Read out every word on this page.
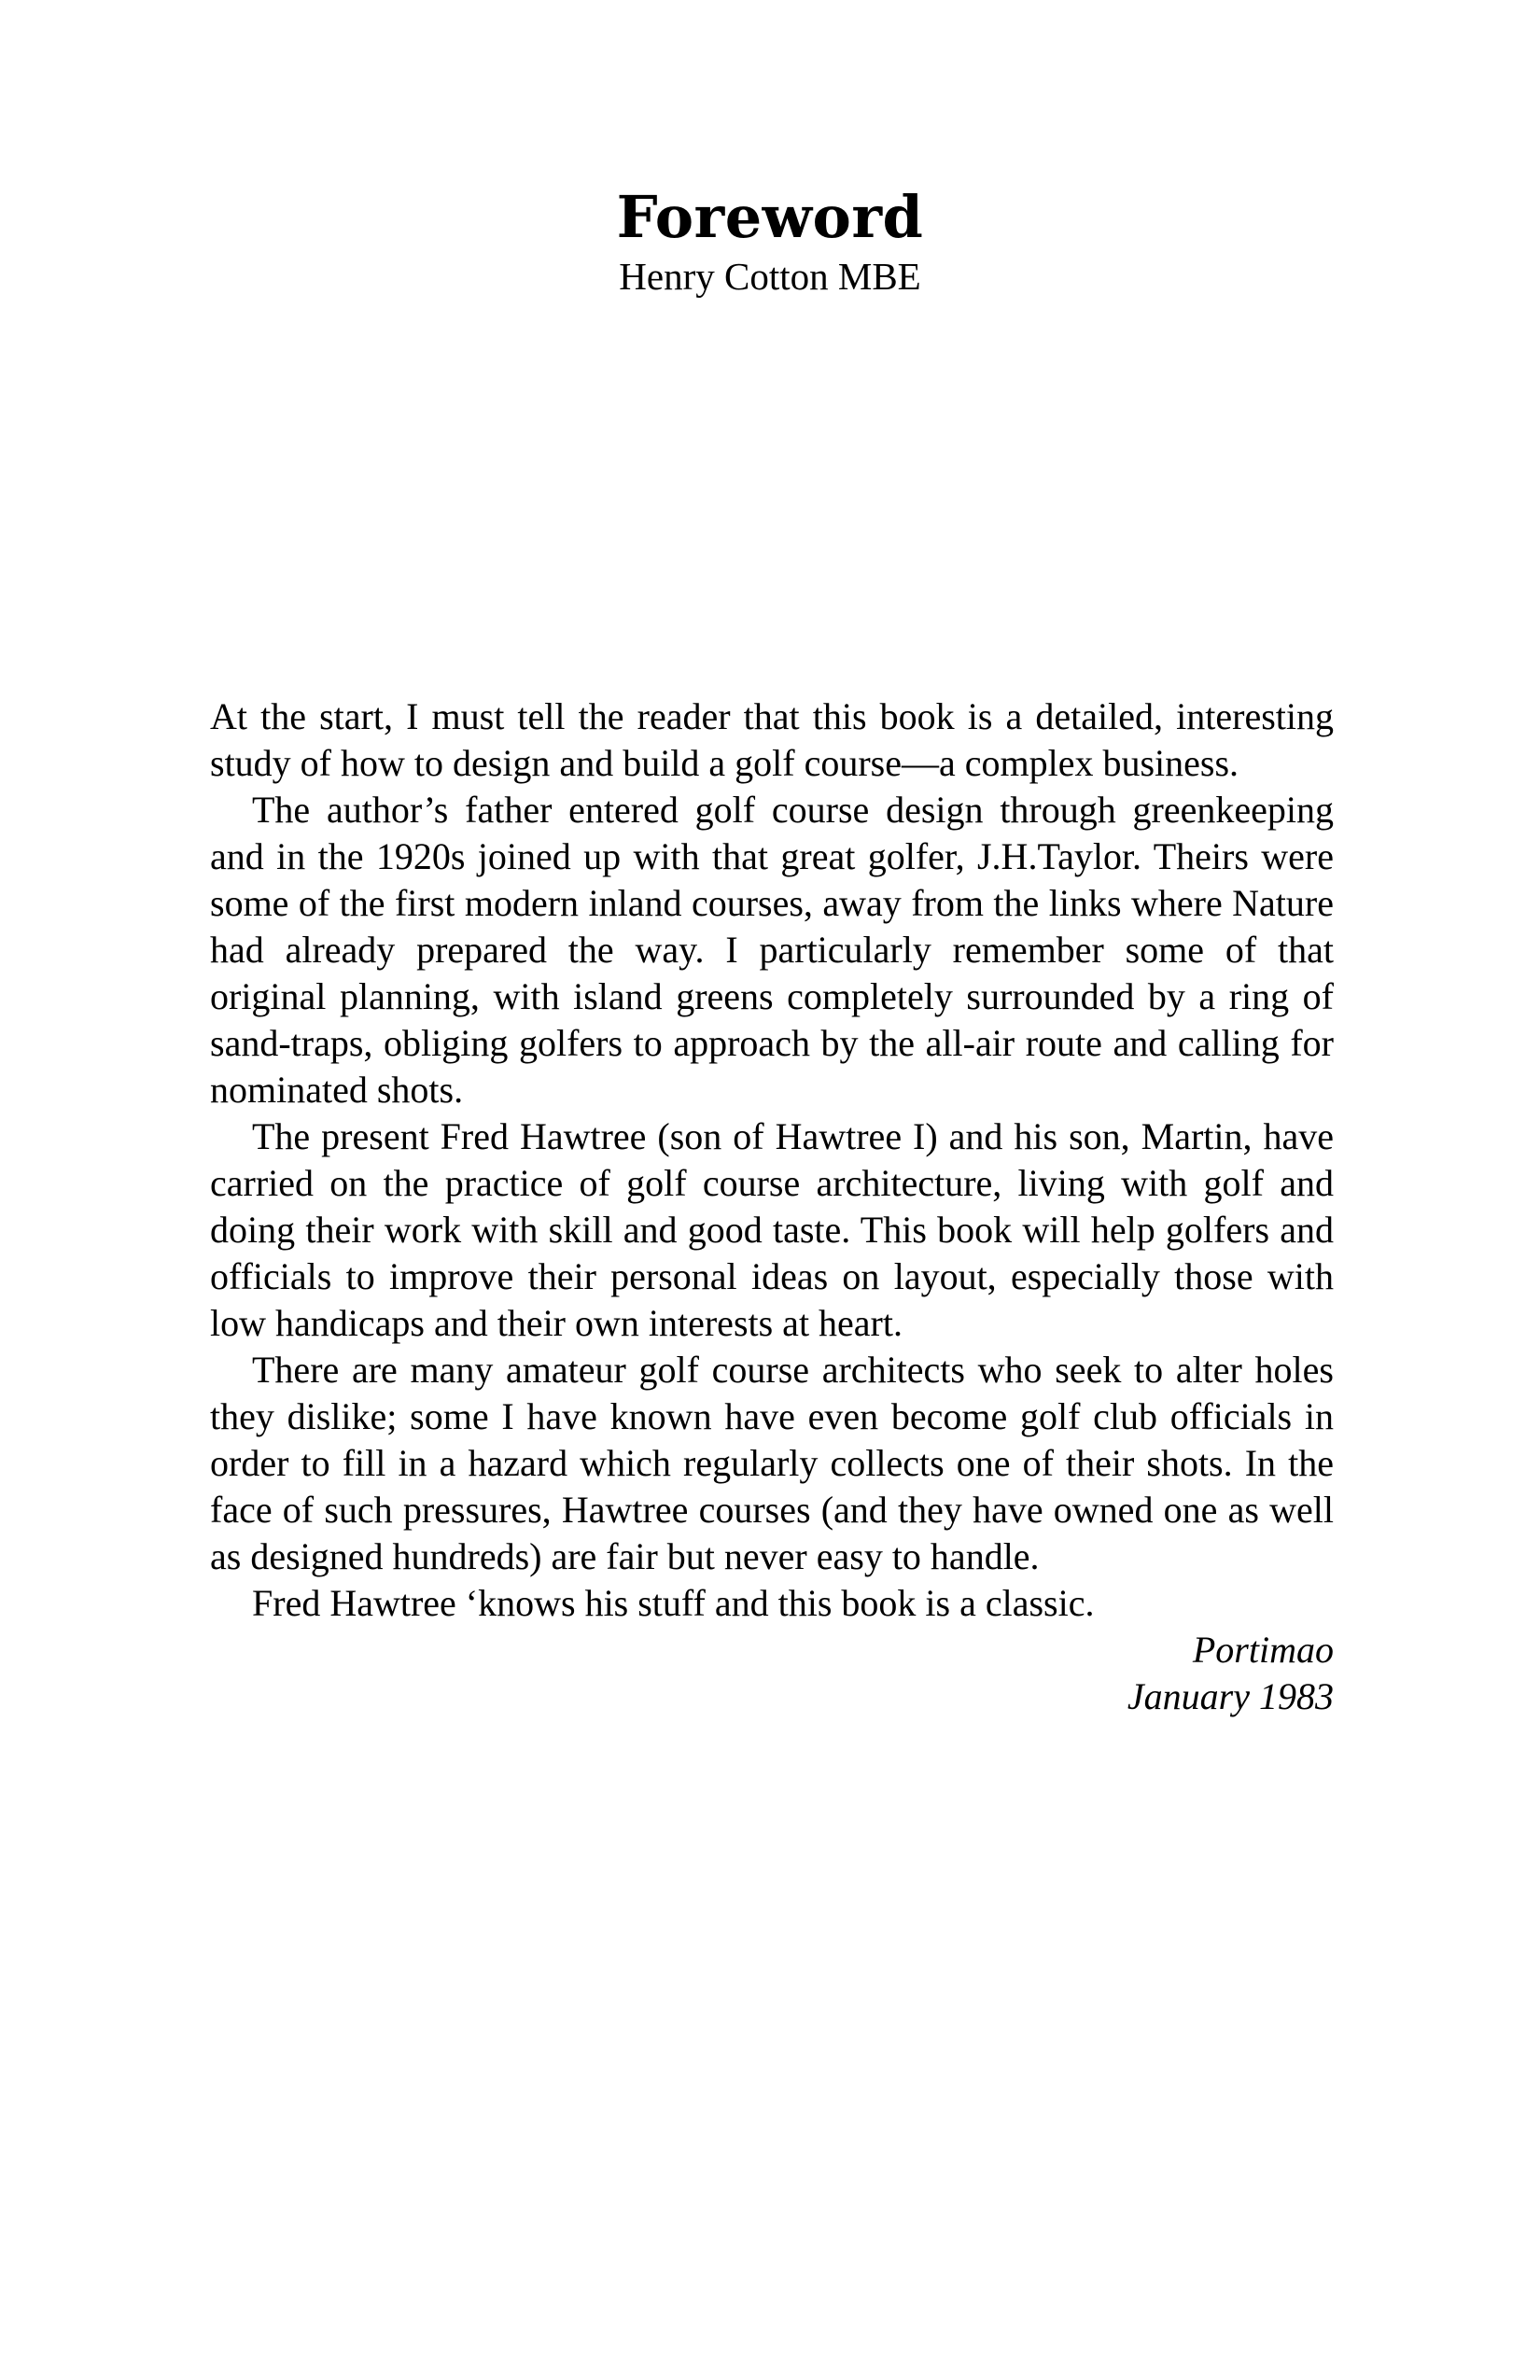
Foreword
Henry Cotton MBE

At the start, I must tell the reader that this book is a detailed, interesting study of how to design and build a golf course—a complex business.

The author’s father entered golf course design through greenkeeping and in the 1920s joined up with that great golfer, J.H.Taylor. Theirs were some of the first modern inland courses, away from the links where Nature had already prepared the way. I particularly remember some of that original planning, with island greens completely surrounded by a ring of sand-traps, obliging golfers to approach by the all-air route and calling for nominated shots.

The present Fred Hawtree (son of Hawtree I) and his son, Martin, have carried on the practice of golf course architecture, living with golf and doing their work with skill and good taste. This book will help golfers and officials to improve their personal ideas on layout, especially those with low handicaps and their own interests at heart.

There are many amateur golf course architects who seek to alter holes they dislike; some I have known have even become golf club officials in order to fill in a hazard which regularly collects one of their shots. In the face of such pressures, Hawtree courses (and they have owned one as well as designed hundreds) are fair but never easy to handle.

Fred Hawtree ‘knows his stuff and this book is a classic.

Portimao
January 1983
